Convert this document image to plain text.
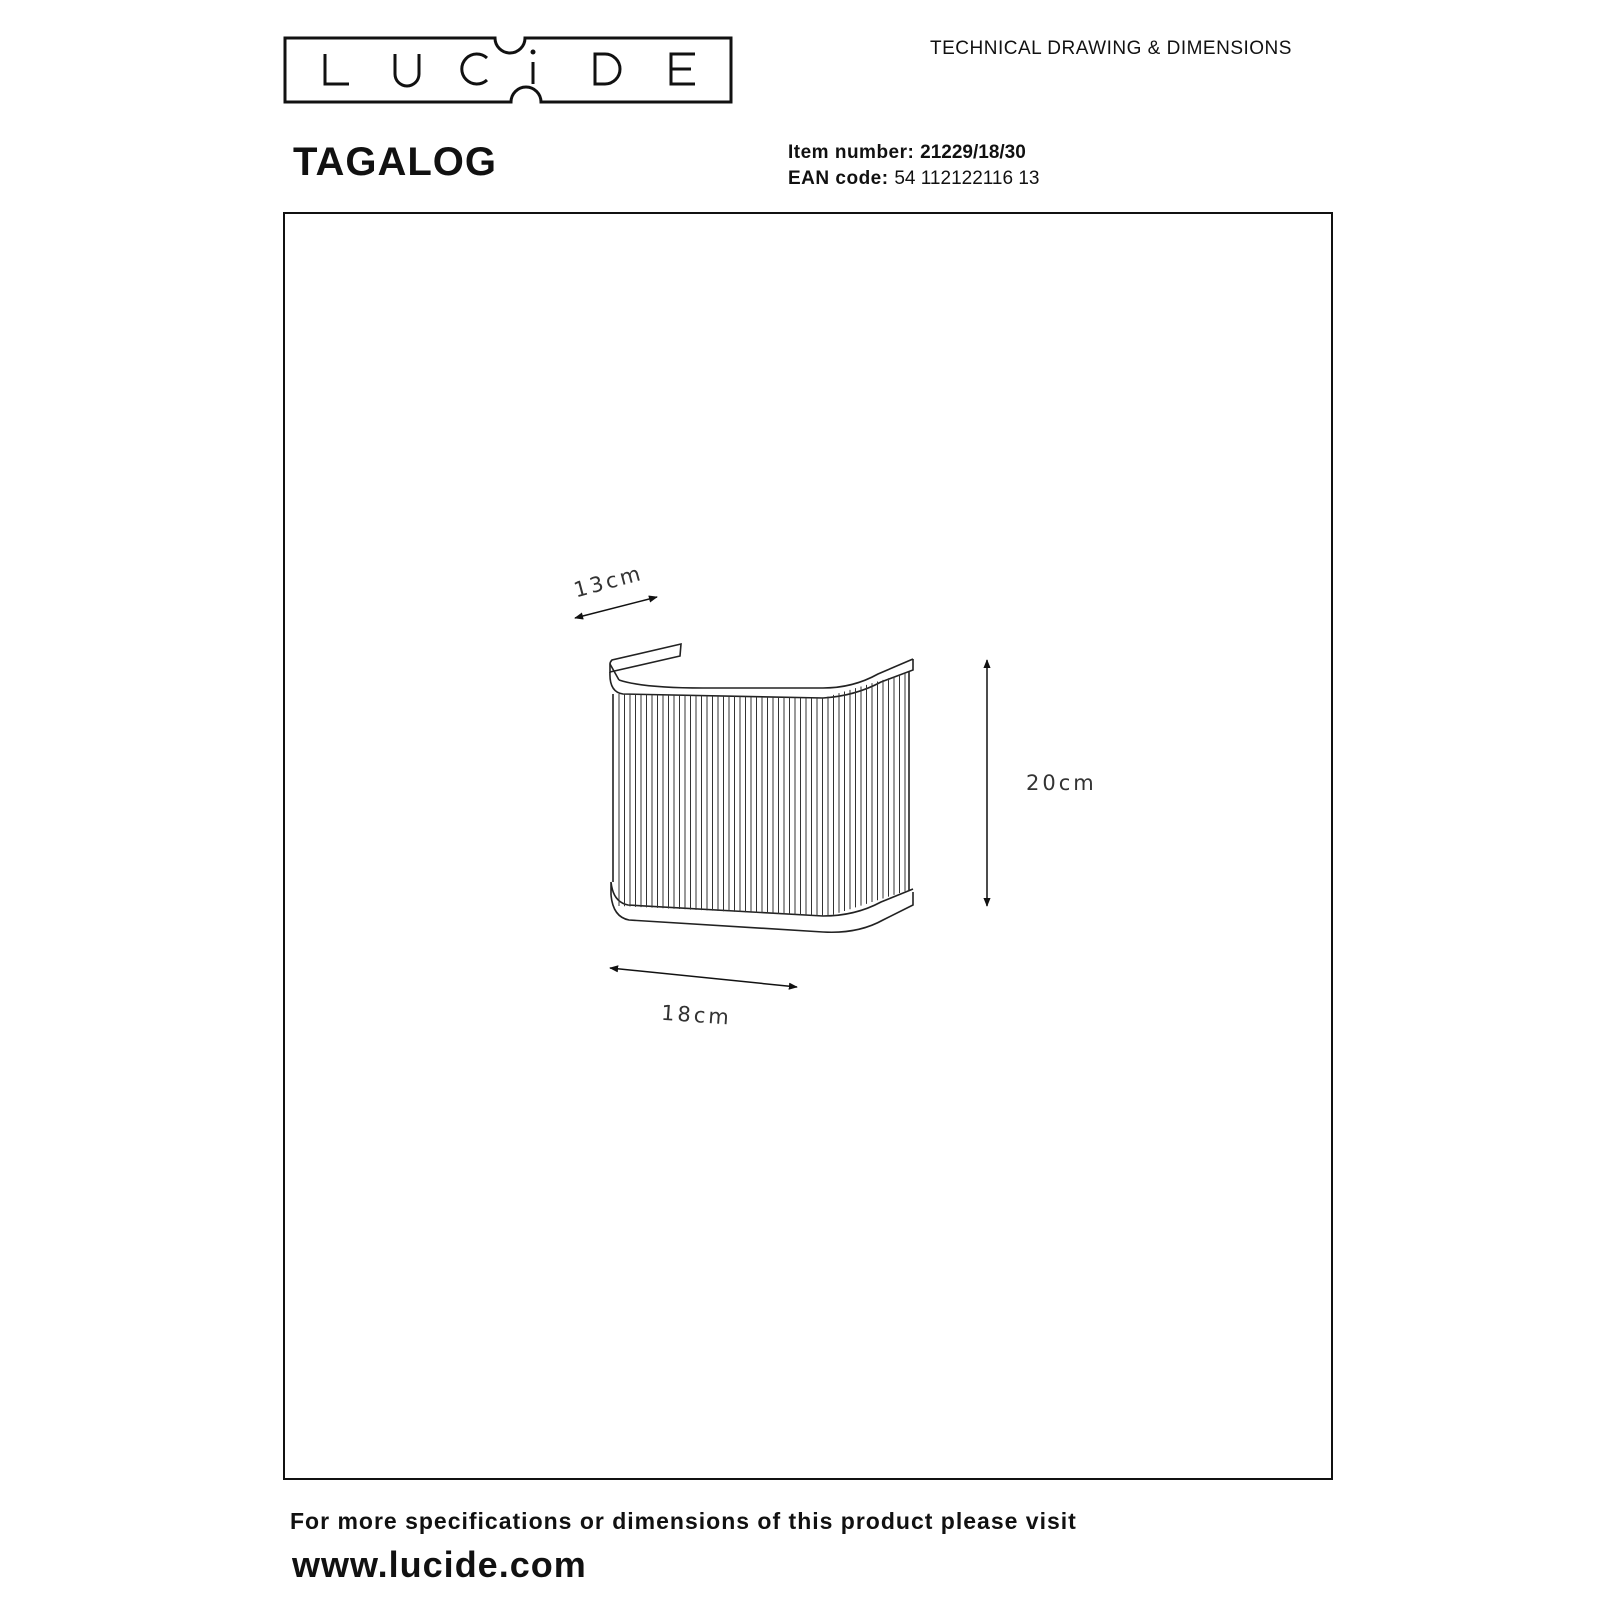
TECHNICAL DRAWING & DIMENSIONS
TAGALOG	Item number: 21229/18/30
EAN code: 54 112122116 13
13cm
20cm
18cm
For more specifications or dimensions of this product please visit
www.lucide.com
